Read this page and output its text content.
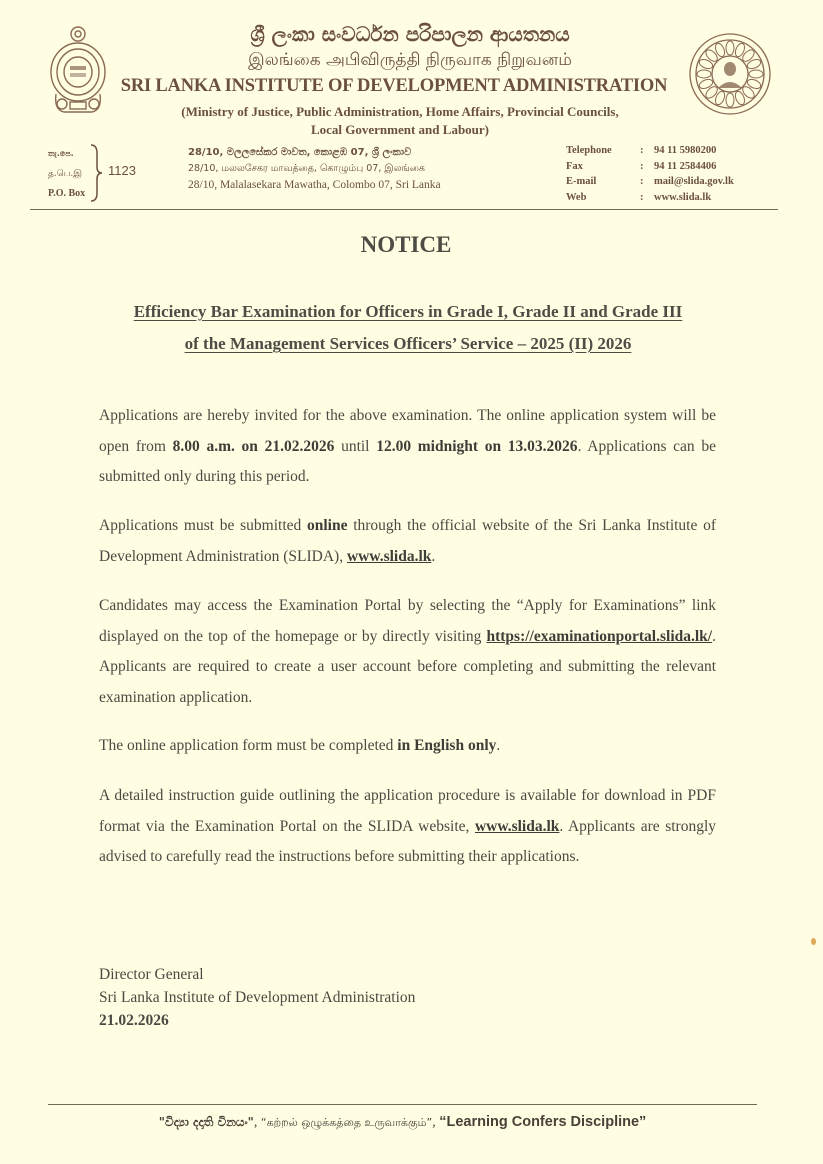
ශ්‍රී ලංකා සංවර්ධන පරිපාලන ආයතනය
இலங்கை அபிவிருத்தி நிருவாக நிறுவனம்
SRI LANKA INSTITUTE OF DEVELOPMENT ADMINISTRATION
(Ministry of Justice, Public Administration, Home Affairs, Provincial Councils,
Local Government and Labour)
තැ.පෙ.
த.பெ.இ
P.O. Box
1123
28/10, මලලසේකර මාවත, කොළඹ 07, ශ්‍රී ලංකාව
28/10, மலலசேகர மாவத்தை, கொழும்பு 07, இலங்கை
28/10, Malalasekara Mawatha, Colombo 07, Sri Lanka
Telephone	:	94 11 5980200
Fax	:	94 11 2584406
E-mail	:	mail@slida.gov.lk
Web	:	www.slida.lk
NOTICE
Efficiency Bar Examination for Officers in Grade I, Grade II and Grade III
of the Management Services Officers’ Service – 2025 (II) 2026
Applications are hereby invited for the above examination. The online application system will be open from 8.00 a.m. on 21.02.2026 until 12.00 midnight on 13.03.2026. Applications can be submitted only during this period.
Applications must be submitted online through the official website of the Sri Lanka Institute of Development Administration (SLIDA), www.slida.lk.
Candidates may access the Examination Portal by selecting the “Apply for Examinations” link displayed on the top of the homepage or by directly visiting https://examinationportal.slida.lk/. Applicants are required to create a user account before completing and submitting the relevant examination application.
The online application form must be completed in English only.
A detailed instruction guide outlining the application procedure is available for download in PDF format via the Examination Portal on the SLIDA website, www.slida.lk. Applicants are strongly advised to carefully read the instructions before submitting their applications.
Director General
Sri Lanka Institute of Development Administration
21.02.2026
"විද්‍යා දදාති විනයං", “கற்றல் ஒழுக்கத்தை உருவாக்கும்”, “Learning Confers Discipline”
